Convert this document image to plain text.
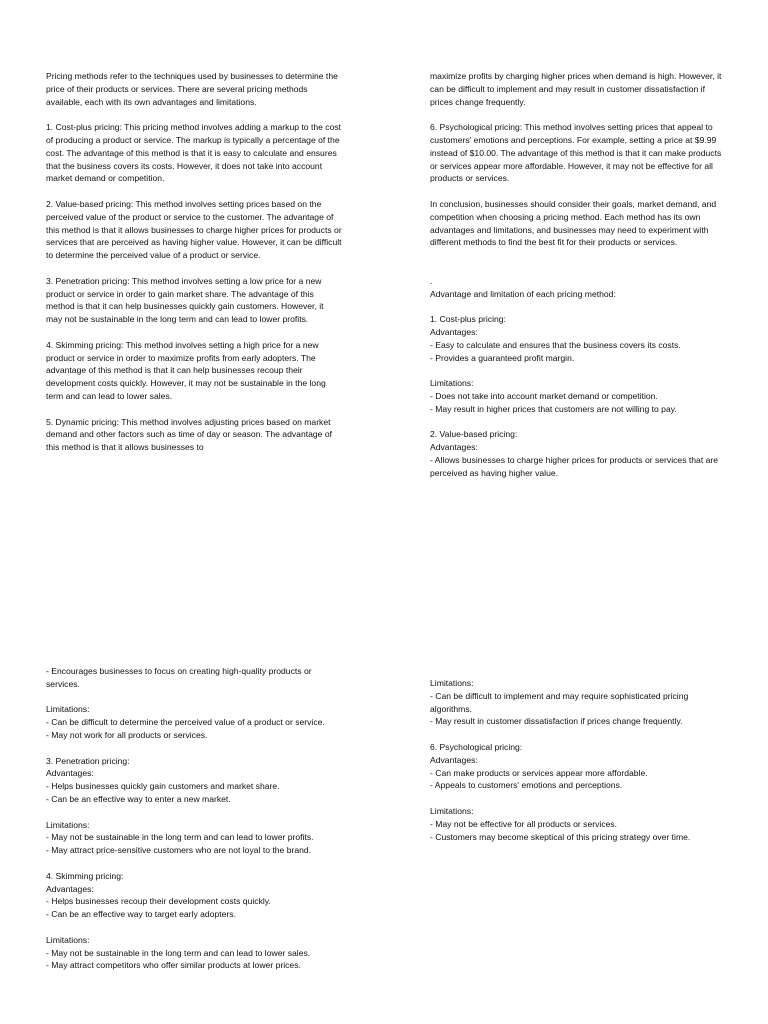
Pricing methods refer to the techniques used by businesses to determine the price of their products or services. There are several pricing methods available, each with its own advantages and limitations.

1. Cost-plus pricing: This pricing method involves adding a markup to the cost of producing a product or service. The markup is typically a percentage of the cost. The advantage of this method is that it is easy to calculate and ensures that the business covers its costs. However, it does not take into account market demand or competition.

2. Value-based pricing: This method involves setting prices based on the perceived value of the product or service to the customer. The advantage of this method is that it allows businesses to charge higher prices for products or services that are perceived as having higher value. However, it can be difficult to determine the perceived value of a product or service.

3. Penetration pricing: This method involves setting a low price for a new product or service in order to gain market share. The advantage of this method is that it can help businesses quickly gain customers. However, it may not be sustainable in the long term and can lead to lower profits.

4. Skimming pricing: This method involves setting a high price for a new product or service in order to maximize profits from early adopters. The advantage of this method is that it can help businesses recoup their development costs quickly. However, it may not be sustainable in the long term and can lead to lower sales.

5. Dynamic pricing: This method involves adjusting prices based on market demand and other factors such as time of day or season. The advantage of this method is that it allows businesses to

maximize profits by charging higher prices when demand is high. However, it can be difficult to implement and may result in customer dissatisfaction if prices change frequently.

6. Psychological pricing: This method involves setting prices that appeal to customers' emotions and perceptions. For example, setting a price at $9.99 instead of $10.00. The advantage of this method is that it can make products or services appear more affordable. However, it may not be effective for all products or services.

In conclusion, businesses should consider their goals, market demand, and competition when choosing a pricing method. Each method has its own advantages and limitations, and businesses may need to experiment with different methods to find the best fit for their products or services.

.

Advantage and limitation of each pricing method:

1. Cost-plus pricing:

Advantages:

- Easy to calculate and ensures that the business covers its costs.

- Provides a guaranteed profit margin.

Limitations:

- Does not take into account market demand or competition.

- May result in higher prices that customers are not willing to pay.

2. Value-based pricing:

Advantages:

- Allows businesses to charge higher prices for products or services that are perceived as having higher value.

- Encourages businesses to focus on creating high-quality products or services.

Limitations:

- Can be difficult to determine the perceived value of a product or service.

- May not work for all products or services.

3. Penetration pricing:

Advantages:

- Helps businesses quickly gain customers and market share.

- Can be an effective way to enter a new market.

Limitations:

- May not be sustainable in the long term and can lead to lower profits.

- May attract price-sensitive customers who are not loyal to the brand.

4. Skimming pricing:

Advantages:

- Helps businesses recoup their development costs quickly.

- Can be an effective way to target early adopters.

Limitations:

- May not be sustainable in the long term and can lead to lower sales.

- May attract competitors who offer similar products at lower prices.

Limitations:

- Can be difficult to implement and may require sophisticated pricing algorithms.

- May result in customer dissatisfaction if prices change frequently.

6. Psychological pricing:

Advantages:

- Can make products or services appear more affordable.

- Appeals to customers' emotions and perceptions.

Limitations:

- May not be effective for all products or services.

- Customers may become skeptical of this pricing strategy over time.
